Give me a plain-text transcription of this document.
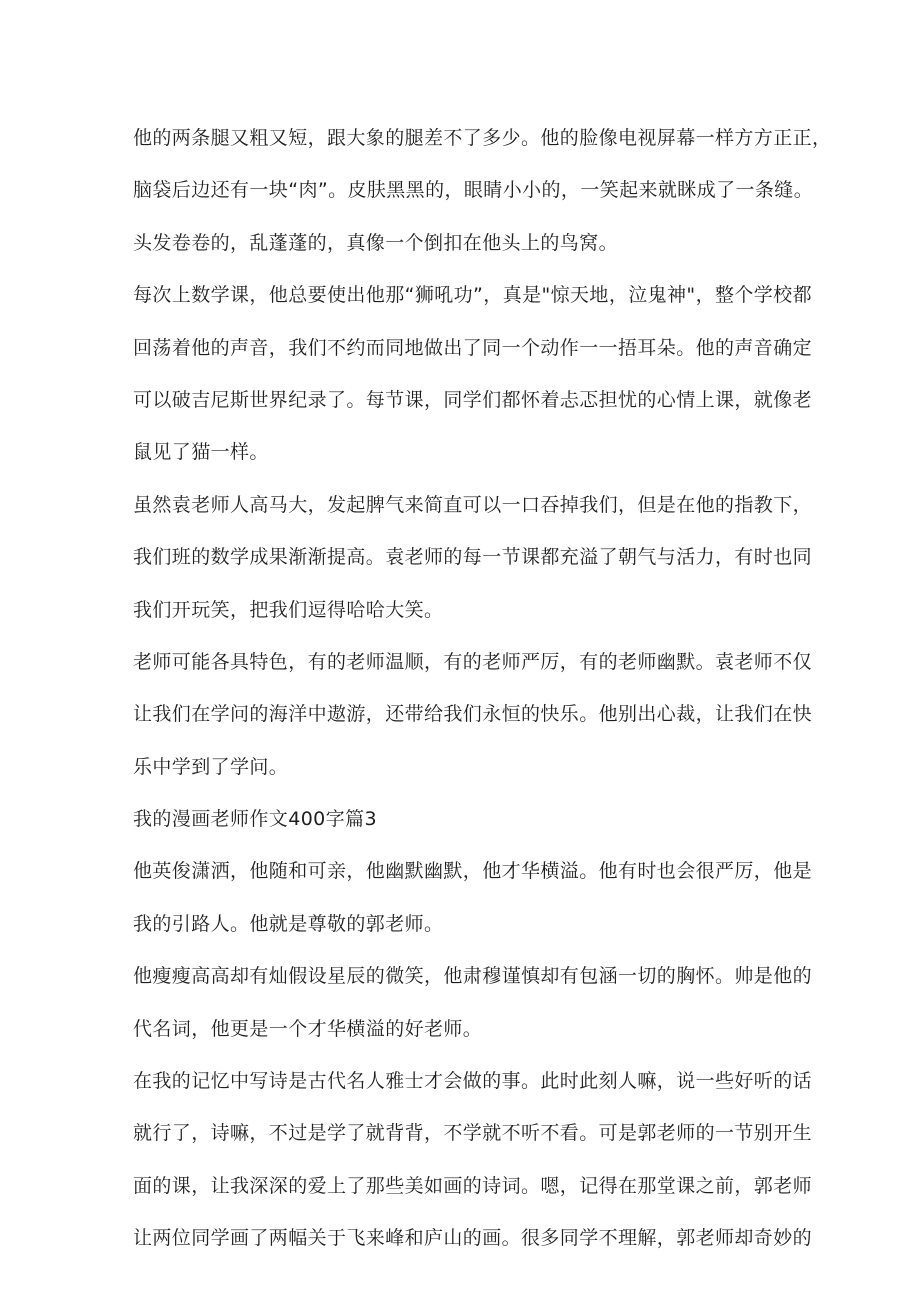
他的两条腿又粗又短，跟大象的腿差不了多少。他的脸像电视屏幕一样方方正正，
脑袋后边还有一块“肉”。皮肤黑黑的，眼睛小小的，一笑起来就眯成了一条缝。
头发卷卷的，乱蓬蓬的，真像一个倒扣在他头上的鸟窝。
每次上数学课，他总要使出他那“狮吼功”，真是"惊天地，泣鬼神"，整个学校都
回荡着他的声音，我们不约而同地做出了同一个动作一一捂耳朵。他的声音确定
可以破吉尼斯世界纪录了。每节课，同学们都怀着忐忑担忧的心情上课，就像老
鼠见了猫一样。
虽然袁老师人高马大，发起脾气来简直可以一口吞掉我们，但是在他的指教下，
我们班的数学成果渐渐提高。袁老师的每一节课都充溢了朝气与活力，有时也同
我们开玩笑，把我们逗得哈哈大笑。
老师可能各具特色，有的老师温顺，有的老师严厉，有的老师幽默。袁老师不仅
让我们在学问的海洋中遨游，还带给我们永恒的快乐。他别出心裁，让我们在快
乐中学到了学问。
我的漫画老师作文400字篇3
他英俊潇洒，他随和可亲，他幽默幽默，他才华横溢。他有时也会很严厉，他是
我的引路人。他就是尊敬的郭老师。
他瘦瘦高高却有灿假设星辰的微笑，他肃穆谨慎却有包涵一切的胸怀。帅是他的
代名词，他更是一个才华横溢的好老师。
在我的记忆中写诗是古代名人雅士才会做的事。此时此刻人嘛，说一些好听的话
就行了，诗嘛，不过是学了就背背，不学就不听不看。可是郭老师的一节别开生
面的课，让我深深的爱上了那些美如画的诗词。嗯，记得在那堂课之前，郭老师
让两位同学画了两幅关于飞来峰和庐山的画。很多同学不理解，郭老师却奇妙的
